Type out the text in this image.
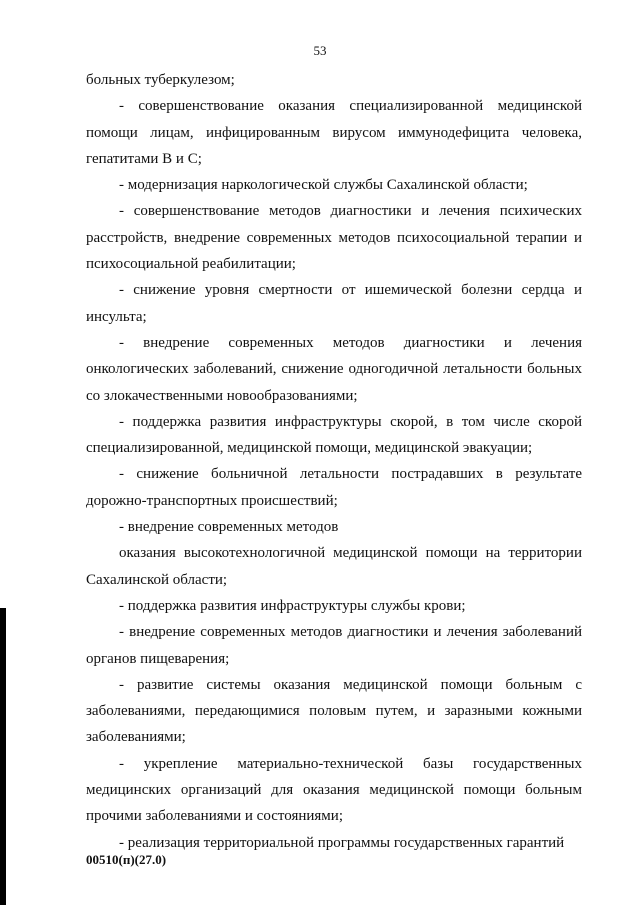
53

больных туберкулезом;

- совершенствование оказания специализированной медицинской помощи лицам, инфицированным вирусом иммунодефицита человека, гепатитами В и С;

- модернизация наркологической службы Сахалинской области;

- совершенствование методов диагностики и лечения психических расстройств, внедрение современных методов психосоциальной терапии и психосоциальной реабилитации;

- снижение уровня смертности от ишемической болезни сердца и инсульта;

- внедрение современных методов диагностики и лечения онкологических заболеваний, снижение одногодичной летальности больных со злокачественными новообразованиями;

- поддержка развития инфраструктуры скорой, в том числе скорой специализированной, медицинской помощи, медицинской эвакуации;

- снижение больничной летальности пострадавших в результате дорожно-транспортных происшествий;

- внедрение современных методов

оказания высокотехнологичной медицинской помощи на территории Сахалинской области;

- поддержка развития инфраструктуры службы крови;

- внедрение современных методов диагностики и лечения заболеваний органов пищеварения;

- развитие системы оказания медицинской помощи больным с заболеваниями, передающимися половым путем, и заразными кожными заболеваниями;

- укрепление материально-технической базы государственных медицинских организаций для оказания медицинской помощи больным прочими заболеваниями и состояниями;

- реализация территориальной программы государственных гарантий

00510(п)(27.0)
